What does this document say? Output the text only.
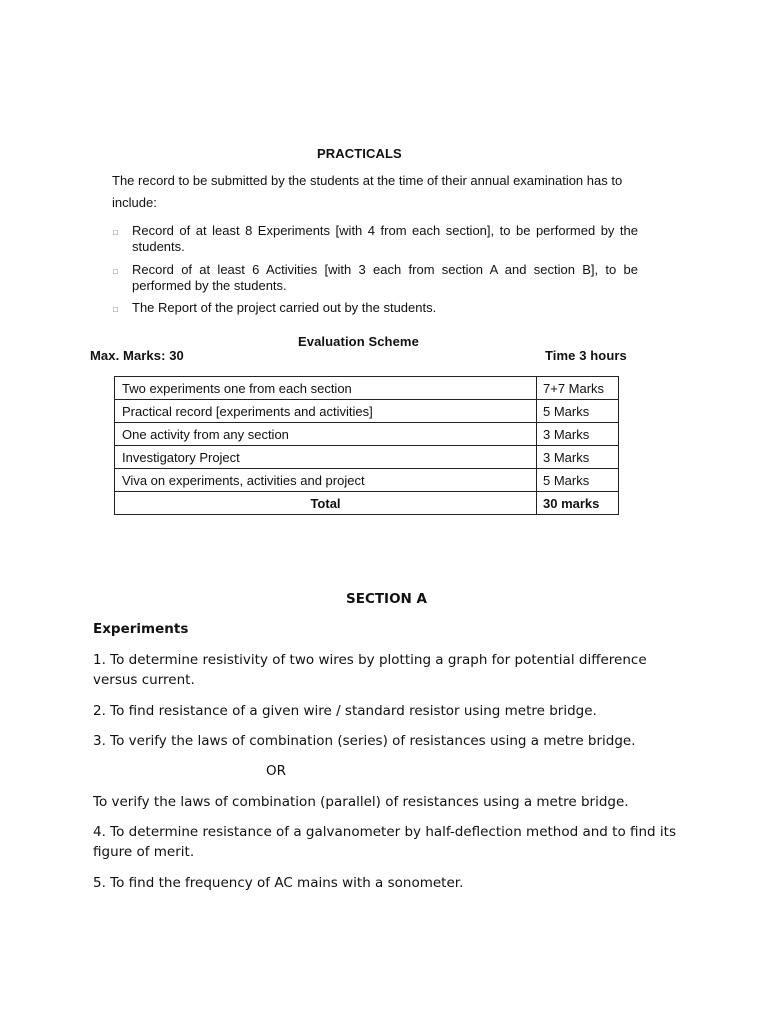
PRACTICALS
The record to be submitted by the students at the time of their annual examination has to
include:
□ Record of at least 8 Experiments [with 4 from each section], to be performed by the students.
□ Record of at least 6 Activities [with 3 each from section A and section B], to be performed by the students.
□ The Report of the project carried out by the students.
Evaluation Scheme
Max. Marks: 30	Time 3 hours
Two experiments one from each section	7+7 Marks
Practical record [experiments and activities]	5 Marks
One activity from any section	3 Marks
Investigatory Project	3 Marks
Viva on experiments, activities and project	5 Marks
Total	30 marks
SECTION A
Experiments
1. To determine resistivity of two wires by plotting a graph for potential difference versus current.
2. To find resistance of a given wire / standard resistor using metre bridge.
3. To verify the laws of combination (series) of resistances using a metre bridge.
OR
To verify the laws of combination (parallel) of resistances using a metre bridge.
4. To determine resistance of a galvanometer by half-deflection method and to find its figure of merit.
5. To find the frequency of AC mains with a sonometer.
